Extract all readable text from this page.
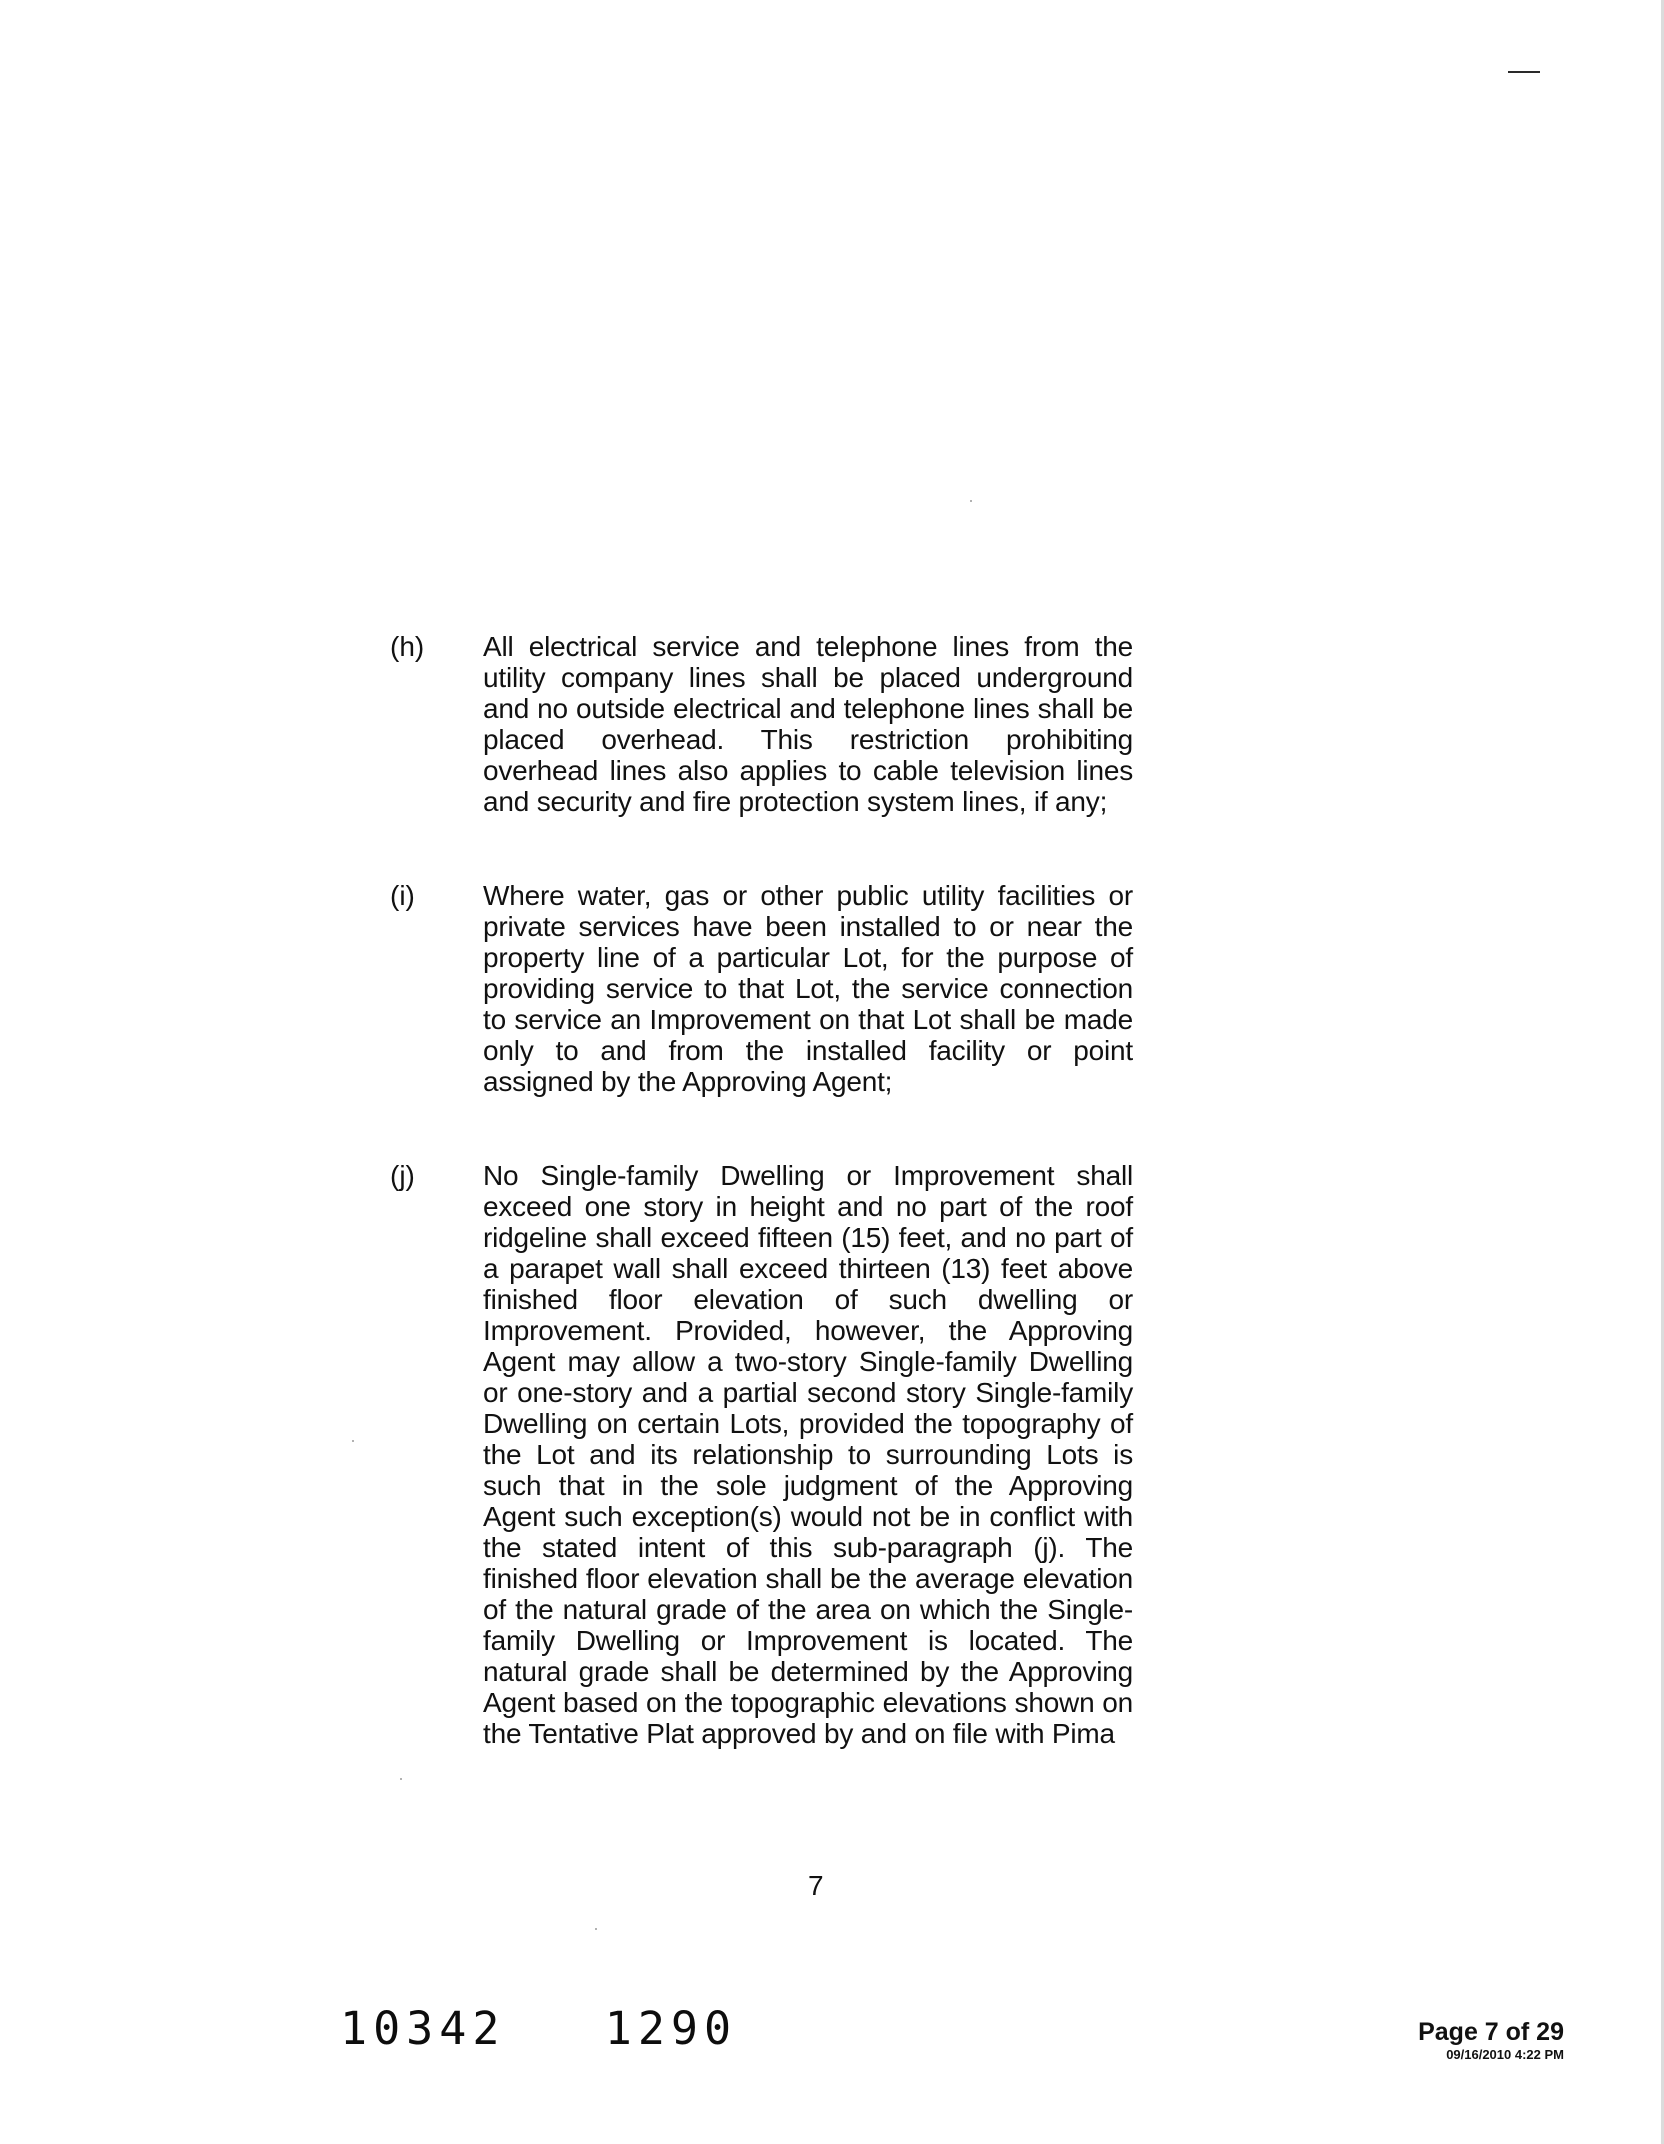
(h) All electrical service and telephone lines from the utility company lines shall be placed underground and no outside electrical and telephone lines shall be placed overhead. This restriction prohibiting overhead lines also applies to cable television lines and security and fire protection system lines, if any;
(i) Where water, gas or other public utility facilities or private services have been installed to or near the property line of a particular Lot, for the purpose of providing service to that Lot, the service connection to service an Improvement on that Lot shall be made only to and from the installed facility or point assigned by the Approving Agent;
(j) No Single-family Dwelling or Improvement shall exceed one story in height and no part of the roof ridgeline shall exceed fifteen (15) feet, and no part of a parapet wall shall exceed thirteen (13) feet above finished floor elevation of such dwelling or Improvement. Provided, however, the Approving Agent may allow a two-story Single-family Dwelling or one-story and a partial second story Single-family Dwelling on certain Lots, provided the topography of the Lot and its relationship to surrounding Lots is such that in the sole judgment of the Approving Agent such exception(s) would not be in conflict with the stated intent of this sub-paragraph (j). The finished floor elevation shall be the average elevation of the natural grade of the area on which the Single-family Dwelling or Improvement is located. The natural grade shall be determined by the Approving Agent based on the topographic elevations shown on the Tentative Plat approved by and on file with Pima
7
10342   1290	Page 7 of 29
09/16/2010 4:22 PM
